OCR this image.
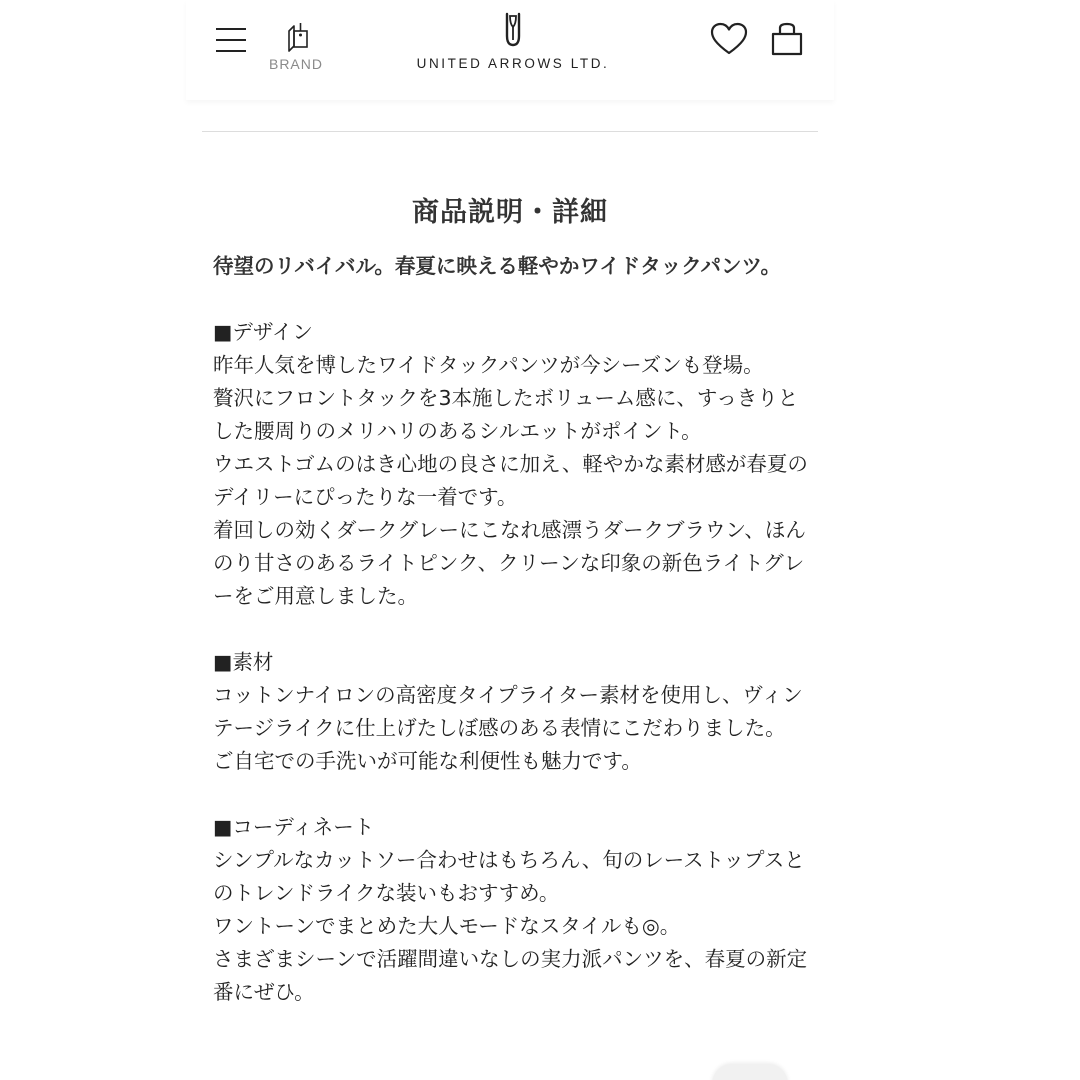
BRAND	UNITED ARROWS LTD.
商品説明・詳細

待望のリバイバル。春夏に映える軽やかワイドタックパンツ。

■デザイン

昨年人気を博したワイドタックパンツが今シーズンも登場。

贅沢にフロントタックを3本施したボリューム感に、すっきりとした腰周りのメリハリのあるシルエットがポイント。

ウエストゴムのはき心地の良さに加え、軽やかな素材感が春夏のデイリーにぴったりな一着です。

着回しの効くダークグレーにこなれ感漂うダークブラウン、ほんのり甘さのあるライトピンク、クリーンな印象の新色ライトグレーをご用意しました。

■素材

コットンナイロンの高密度タイプライター素材を使用し、ヴィンテージライクに仕上げたしぼ感のある表情にこだわりました。

ご自宅での手洗いが可能な利便性も魅力です。

■コーディネート

シンプルなカットソー合わせはもちろん、旬のレーストップスとのトレンドライクな装いもおすすめ。

ワントーンでまとめた大人モードなスタイルも◎。

さまざまシーンで活躍間違いなしの実力派パンツを、春夏の新定番にぜひ。
